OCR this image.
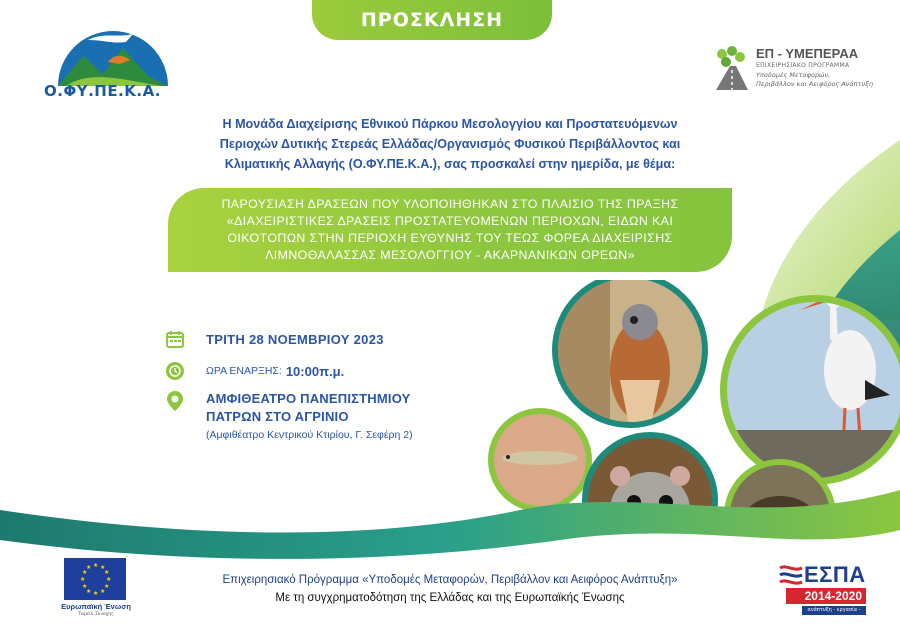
ΠΡΟΣΚΛΗΣΗ
Ο.ΦΥ.ΠΕ.Κ.Α.
ΕΠ - ΥΜΕΠΕΡΑΑ
ΕΠΙΧΕΙΡΗΣΙΑΚΟ ΠΡΟΓΡΑΜΜΑ
Υποδομές Μεταφορών,
Περιβάλλον και Αειφόρος Ανάπτυξη
Η Μονάδα Διαχείρισης Εθνικού Πάρκου Μεσολογγίου και Προστατευόμενων
Περιοχών Δυτικής Στερεάς Ελλάδας/Οργανισμός Φυσικού Περιβάλλοντος και
Κλιματικής Αλλαγής (Ο.ΦΥ.ΠΕ.Κ.Α.), σας προσκαλεί στην ημερίδα, με θέμα:
ΠΑΡΟΥΣΙΑΣΗ ΔΡΑΣΕΩΝ ΠΟΥ ΥΛΟΠΟΙΗΘΗΚΑΝ ΣΤΟ ΠΛΑΙΣΙΟ ΤΗΣ ΠΡΑΞΗΣ
«ΔΙΑΧΕΙΡΙΣΤΙΚΕΣ ΔΡΑΣΕΙΣ ΠΡΟΣΤΑΤΕΥΟΜΕΝΩΝ ΠΕΡΙΟΧΩΝ, ΕΙΔΩΝ ΚΑΙ
ΟΙΚΟΤΟΠΩΝ ΣΤΗΝ ΠΕΡΙΟΧΗ ΕΥΘΥΝΗΣ ΤΟΥ ΤΕΩΣ ΦΟΡΕΑ ΔΙΑΧΕΙΡΙΣΗΣ
ΛΙΜΝΟΘΑΛΑΣΣΑΣ ΜΕΣΟΛΟΓΓΙΟΥ - ΑΚΑΡΝΑΝΙΚΩΝ ΟΡΕΩΝ»
ΤΡΙΤΗ 28 ΝΟΕΜΒΡΙΟΥ 2023
ΩΡΑ ΕΝΑΡΞΗΣ: 10:00π.μ.
ΑΜΦΙΘΕΑΤΡΟ ΠΑΝΕΠΙΣΤΗΜΙΟΥ
ΠΑΤΡΩΝ ΣΤΟ ΑΓΡΙΝΙΟ
(Αμφιθέατρο Κεντρικού Κτιρίου, Γ. Σεφέρη 2)
Επιχειρησιακό Πρόγραμμα «Υποδομές Μεταφορών, Περιβάλλον και Αειφόρος Ανάπτυξη»
Με τη συγχρηματοδότηση της Ελλάδας και της Ευρωπαϊκής Ένωσης
★ ★
★
★
★
★
★
★
★
★
★
★
Ευρωπαϊκή Ένωση
Ταμείο Συνοχής
ΕΣΠΑ
2014-2020
ανάπτυξη - εργασία - αλληλεγγύη
